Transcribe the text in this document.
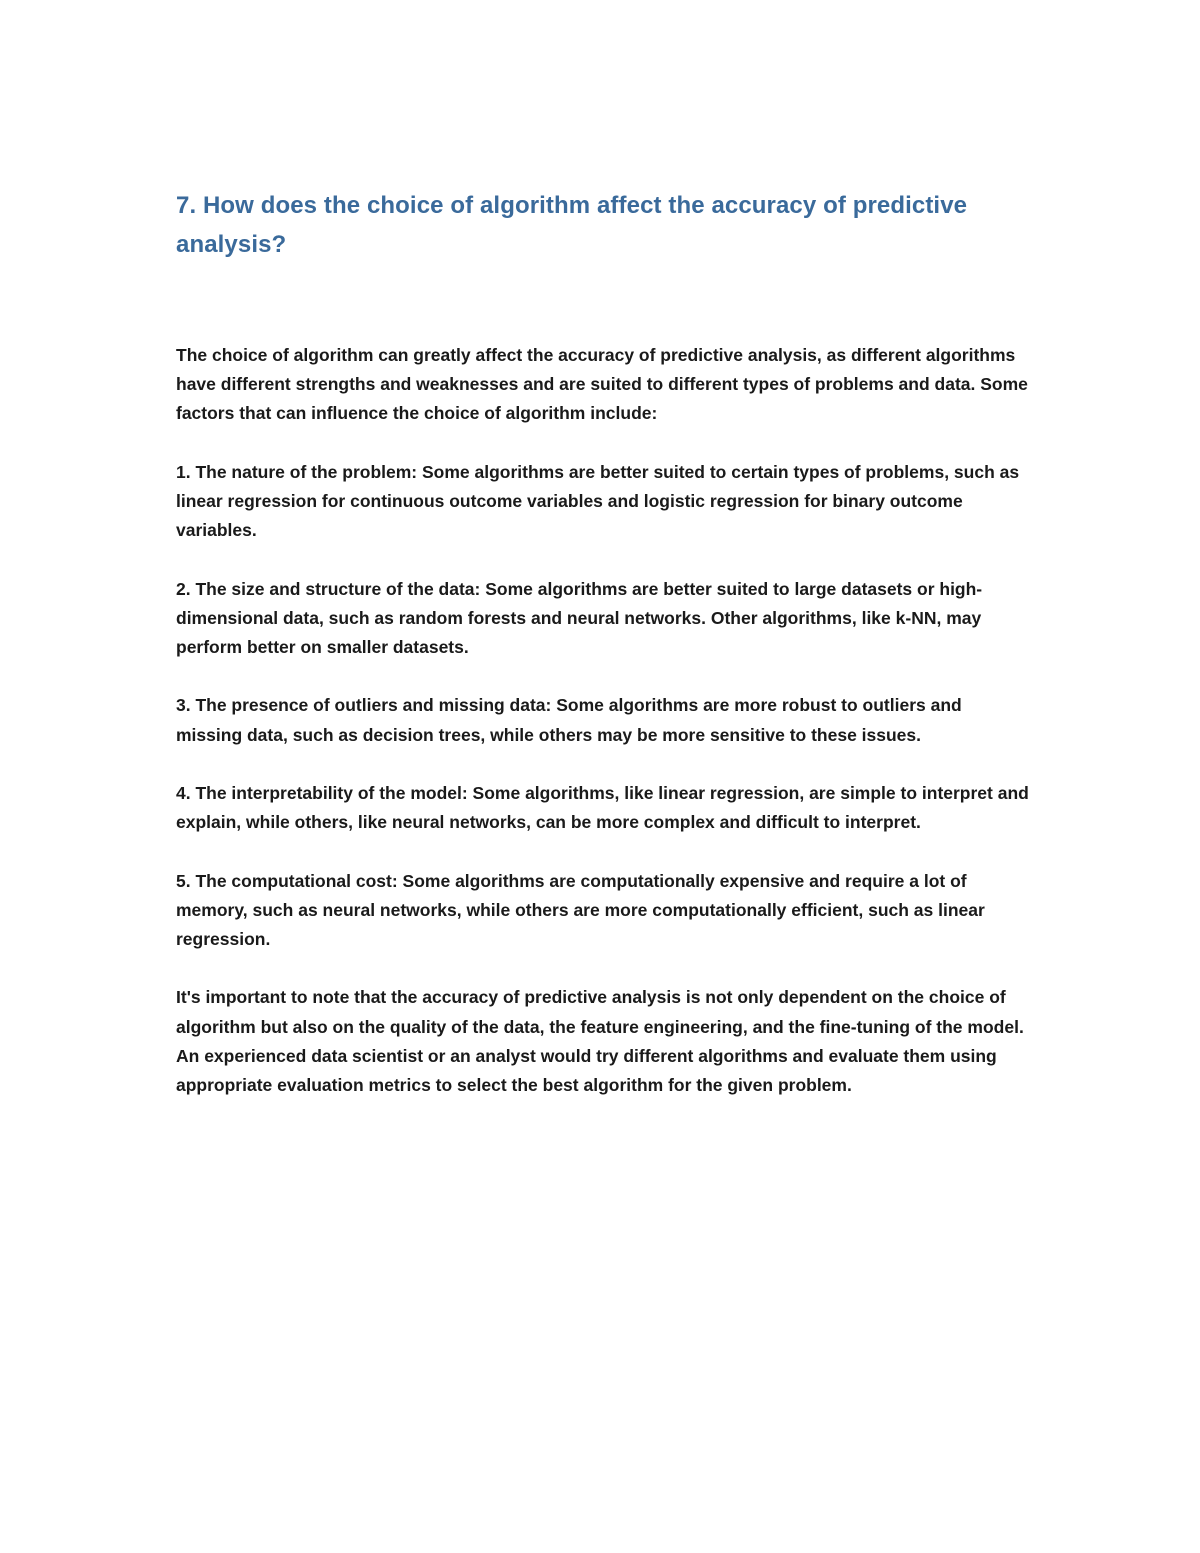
7. How does the choice of algorithm affect the accuracy of predictive analysis?

The choice of algorithm can greatly affect the accuracy of predictive analysis, as different algorithms have different strengths and weaknesses and are suited to different types of problems and data. Some factors that can influence the choice of algorithm include:

1. The nature of the problem: Some algorithms are better suited to certain types of problems, such as linear regression for continuous outcome variables and logistic regression for binary outcome variables.

2. The size and structure of the data: Some algorithms are better suited to large datasets or high-dimensional data, such as random forests and neural networks. Other algorithms, like k-NN, may perform better on smaller datasets.

3. The presence of outliers and missing data: Some algorithms are more robust to outliers and missing data, such as decision trees, while others may be more sensitive to these issues.

4. The interpretability of the model: Some algorithms, like linear regression, are simple to interpret and explain, while others, like neural networks, can be more complex and difficult to interpret.

5. The computational cost: Some algorithms are computationally expensive and require a lot of memory, such as neural networks, while others are more computationally efficient, such as linear regression.

It's important to note that the accuracy of predictive analysis is not only dependent on the choice of algorithm but also on the quality of the data, the feature engineering, and the fine-tuning of the model. An experienced data scientist or an analyst would try different algorithms and evaluate them using appropriate evaluation metrics to select the best algorithm for the given problem.
